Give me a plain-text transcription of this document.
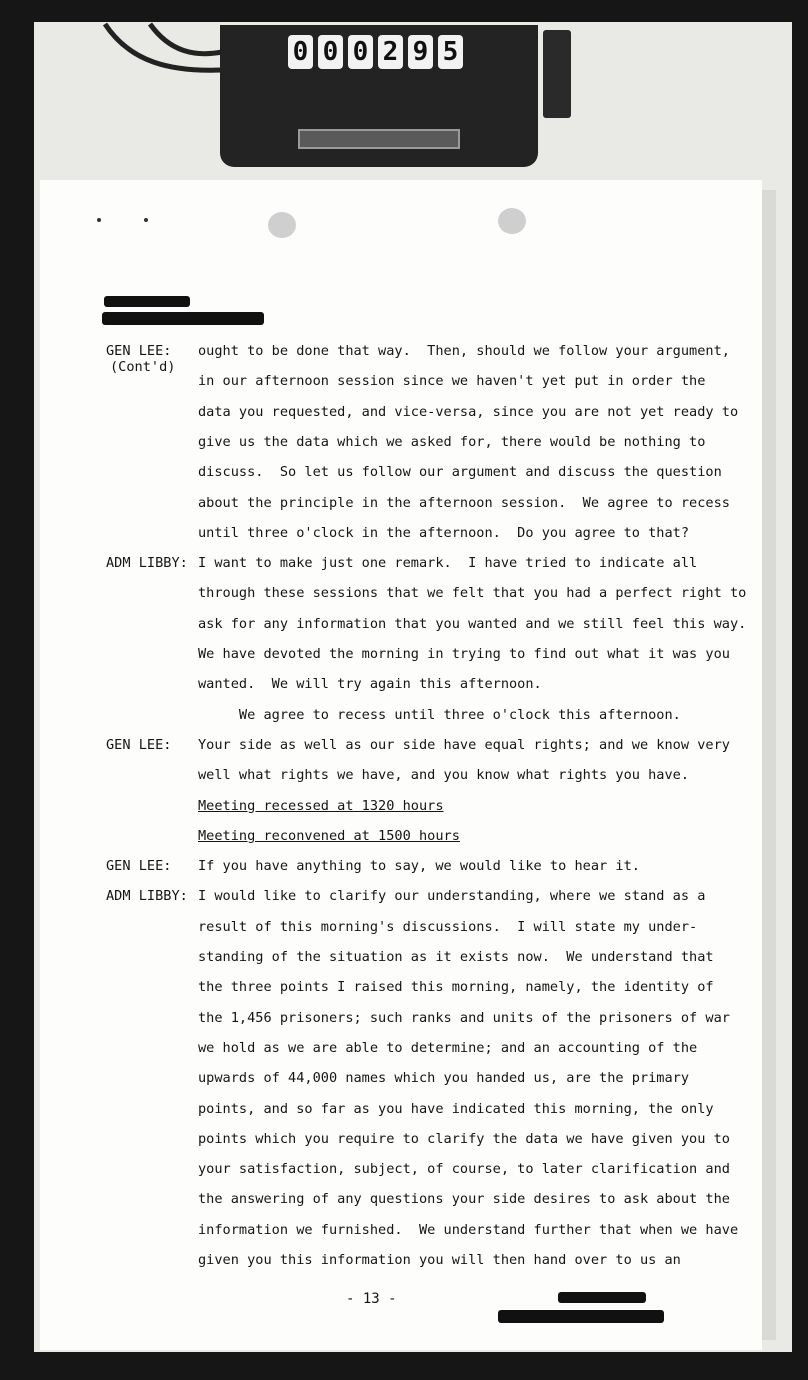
0 0 0 2 9 5
- 13 -
GEN LEE:
(Cont'd)
ought to be done that way.  Then, should we follow your argument,
in our afternoon session since we haven't yet put in order the
data you requested, and vice-versa, since you are not yet ready to
give us the data which we asked for, there would be nothing to
discuss.  So let us follow our argument and discuss the question
about the principle in the afternoon session.  We agree to recess
until three o'clock in the afternoon.  Do you agree to that?
ADM LIBBY: I want to make just one remark.  I have tried to indicate all
through these sessions that we felt that you had a perfect right to
ask for any information that you wanted and we still feel this way.
We have devoted the morning in trying to find out what it was you
wanted.  We will try again this afternoon.
We agree to recess until three o'clock this afternoon.
GEN LEE: Your side as well as our side have equal rights; and we know very
well what rights we have, and you know what rights you have.
Meeting recessed at 1320 hours
Meeting reconvened at 1500 hours
GEN LEE: If you have anything to say, we would like to hear it.
ADM LIBBY: I would like to clarify our understanding, where we stand as a
result of this morning's discussions.  I will state my under-
standing of the situation as it exists now.  We understand that
the three points I raised this morning, namely, the identity of
the 1,456 prisoners; such ranks and units of the prisoners of war
we hold as we are able to determine; and an accounting of the
upwards of 44,000 names which you handed us, are the primary
points, and so far as you have indicated this morning, the only
points which you require to clarify the data we have given you to
your satisfaction, subject, of course, to later clarification and
the answering of any questions your side desires to ask about the
information we furnished.  We understand further that when we have
given you this information you will then hand over to us an
